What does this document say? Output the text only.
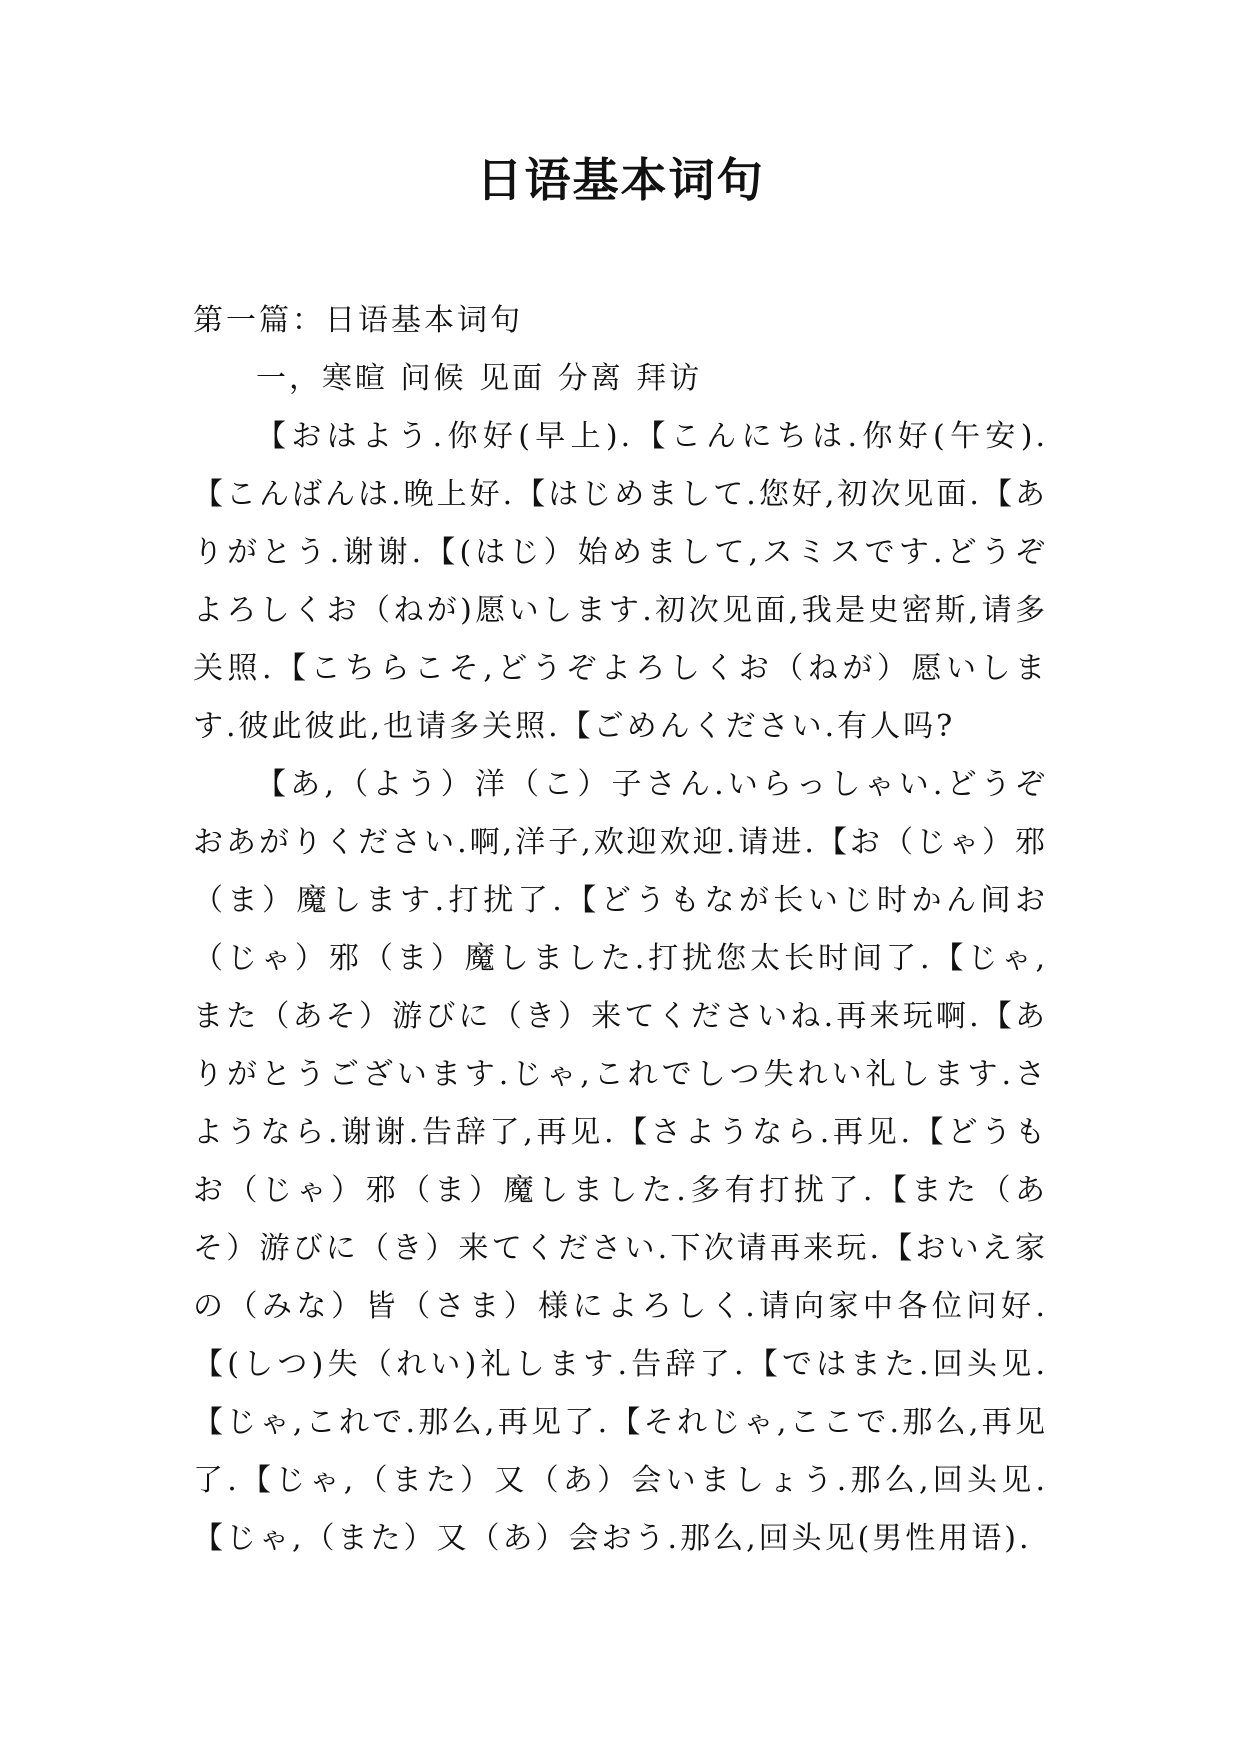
日语基本词句

第一篇：日语基本词句

一，寒暄 问候 见面 分离 拜访

【おはよう.你好(早上).【こんにちは.你好(午安).【こんばんは.晚上好.【はじめまして.您好,初次见面.【ありがとう.谢谢.【(はじ）始めまして,スミスです.どうぞよろしくお（ねが)愿いします.初次见面,我是史密斯,请多关照.【こちらこそ,どうぞよろしくお（ねが）愿いします.彼此彼此,也请多关照.【ごめんください.有人吗?

【あ,（よう）洋（こ）子さん.いらっしゃい.どうぞおあがりください.啊,洋子,欢迎欢迎.请进.【お（じゃ）邪（ま）魔します.打扰了.【どうもなが长いじ时かん间お（じゃ）邪（ま）魔しました.打扰您太长时间了.【じゃ,また（あそ）游びに（き）来てくださいね.再来玩啊.【ありがとうございます.じゃ,これでしつ失れい礼します.さようなら.谢谢.告辞了,再见.【さようなら.再见.【どうもお（じゃ）邪（ま）魔しました.多有打扰了.【また（あそ）游びに（き）来てください.下次请再来玩.【おいえ家の（みな）皆（さま）様によろしく.请向家中各位问好.【(しつ)失（れい)礼します.告辞了.【ではまた.回头见.【じゃ,これで.那么,再见了.【それじゃ,ここで.那么,再见了.【じゃ,（また）又（あ）会いましょう.那么,回头见.【じゃ,（また）又（あ）会おう.那么,回头见(男性用语).
